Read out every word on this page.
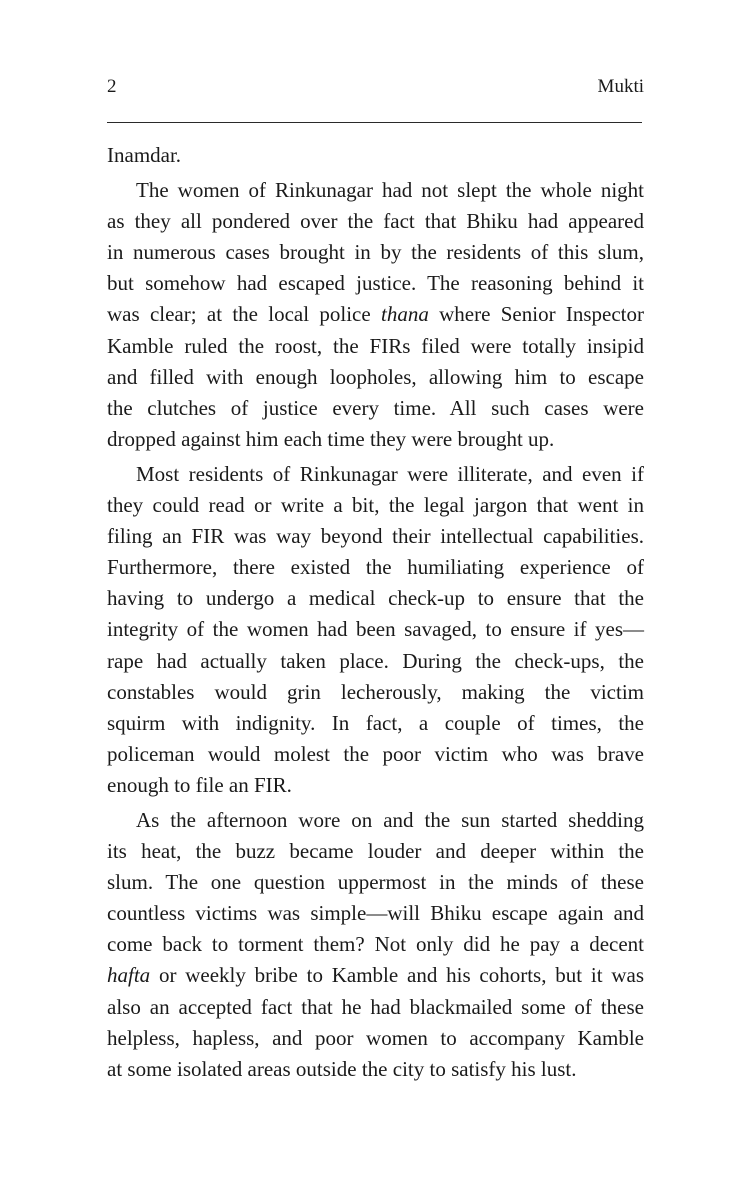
2	Mukti
Inamdar.
The women of Rinkunagar had not slept the whole night
as they all pondered over the fact that Bhiku had appeared
in numerous cases brought in by the residents of this slum,
but somehow had escaped justice. The reasoning behind it
was clear; at the local police thana where Senior Inspector
Kamble ruled the roost, the FIRs filed were totally insipid
and filled with enough loopholes, allowing him to escape
the clutches of justice every time. All such cases were
dropped against him each time they were brought up.
Most residents of Rinkunagar were illiterate, and even if
they could read or write a bit, the legal jargon that went in
filing an FIR was way beyond their intellectual capabilities.
Furthermore, there existed the humiliating experience of
having to undergo a medical check-up to ensure that the
integrity of the women had been savaged, to ensure if yes—
rape had actually taken place. During the check-ups, the
constables would grin lecherously, making the victim
squirm with indignity. In fact, a couple of times, the
policeman would molest the poor victim who was brave
enough to file an FIR.
As the afternoon wore on and the sun started shedding
its heat, the buzz became louder and deeper within the
slum. The one question uppermost in the minds of these
countless victims was simple—will Bhiku escape again and
come back to torment them? Not only did he pay a decent
hafta or weekly bribe to Kamble and his cohorts, but it was
also an accepted fact that he had blackmailed some of these
helpless, hapless, and poor women to accompany Kamble
at some isolated areas outside the city to satisfy his lust.
